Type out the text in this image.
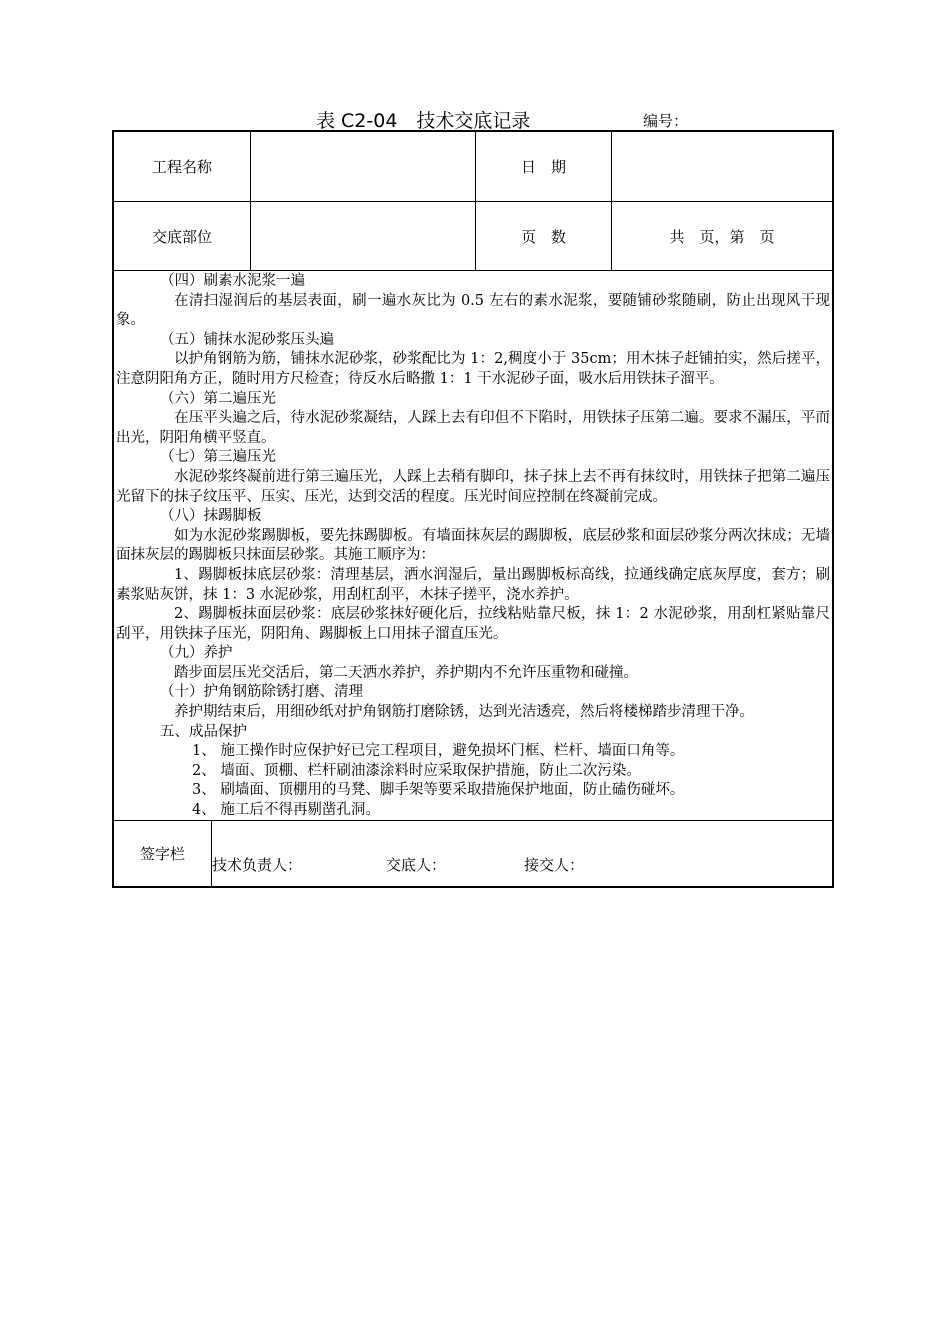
表 C2-04　技术交底记录	编号：
工程名称	日　期
交底部位	页　数	共　页，第　页

（四）刷素水泥浆一遍

在清扫湿润后的基层表面，刷一遍水灰比为 0.5 左右的素水泥浆，要随铺砂浆随刷，防止出现风干现象。

（五）铺抹水泥砂浆压头遍

以护角钢筋为筋，铺抹水泥砂浆，砂浆配比为 1：2,稠度小于 35cm；用木抹子赶铺拍实，然后搓平，注意阴阳角方正，随时用方尺检查；待反水后略撒 1：1 干水泥砂子面，吸水后用铁抹子溜平。

（六）第二遍压光

在压平头遍之后，待水泥砂浆凝结，人踩上去有印但不下陷时，用铁抹子压第二遍。要求不漏压，平而出光，阴阳角横平竖直。

（七）第三遍压光

水泥砂浆终凝前进行第三遍压光，人踩上去稍有脚印，抹子抹上去不再有抹纹时，用铁抹子把第二遍压光留下的抹子纹压平、压实、压光，达到交活的程度。压光时间应控制在终凝前完成。

（八）抹踢脚板

如为水泥砂浆踢脚板，要先抹踢脚板。有墙面抹灰层的踢脚板，底层砂浆和面层砂浆分两次抹成；无墙面抹灰层的踢脚板只抹面层砂浆。其施工顺序为：

1、踢脚板抹底层砂浆：清理基层，洒水润湿后，量出踢脚板标高线，拉通线确定底灰厚度，套方；刷素浆贴灰饼，抹 1：3 水泥砂浆，用刮杠刮平，木抹子搓平，浇水养护。

2、踢脚板抹面层砂浆：底层砂浆抹好硬化后，拉线粘贴靠尺板，抹 1：2 水泥砂浆，用刮杠紧贴靠尺刮平，用铁抹子压光，阴阳角、踢脚板上口用抹子溜直压光。

（九）养护

踏步面层压光交活后，第二天洒水养护，养护期内不允许压重物和碰撞。

（十）护角钢筋除锈打磨、清理

养护期结束后，用细砂纸对护角钢筋打磨除锈，达到光洁透亮，然后将楼梯踏步清理干净。

五、成品保护

1、 施工操作时应保护好已完工程项目，避免损坏门框、栏杆、墙面口角等。

2、 墙面、顶棚、栏杆刷油漆涂料时应采取保护措施，防止二次污染。

3、 刷墙面、顶棚用的马凳、脚手架等要采取措施保护地面，防止磕伤碰坏。

4、 施工后不得再剔凿孔洞。

签字栏
技术负责人：	交底人：	接交人：
